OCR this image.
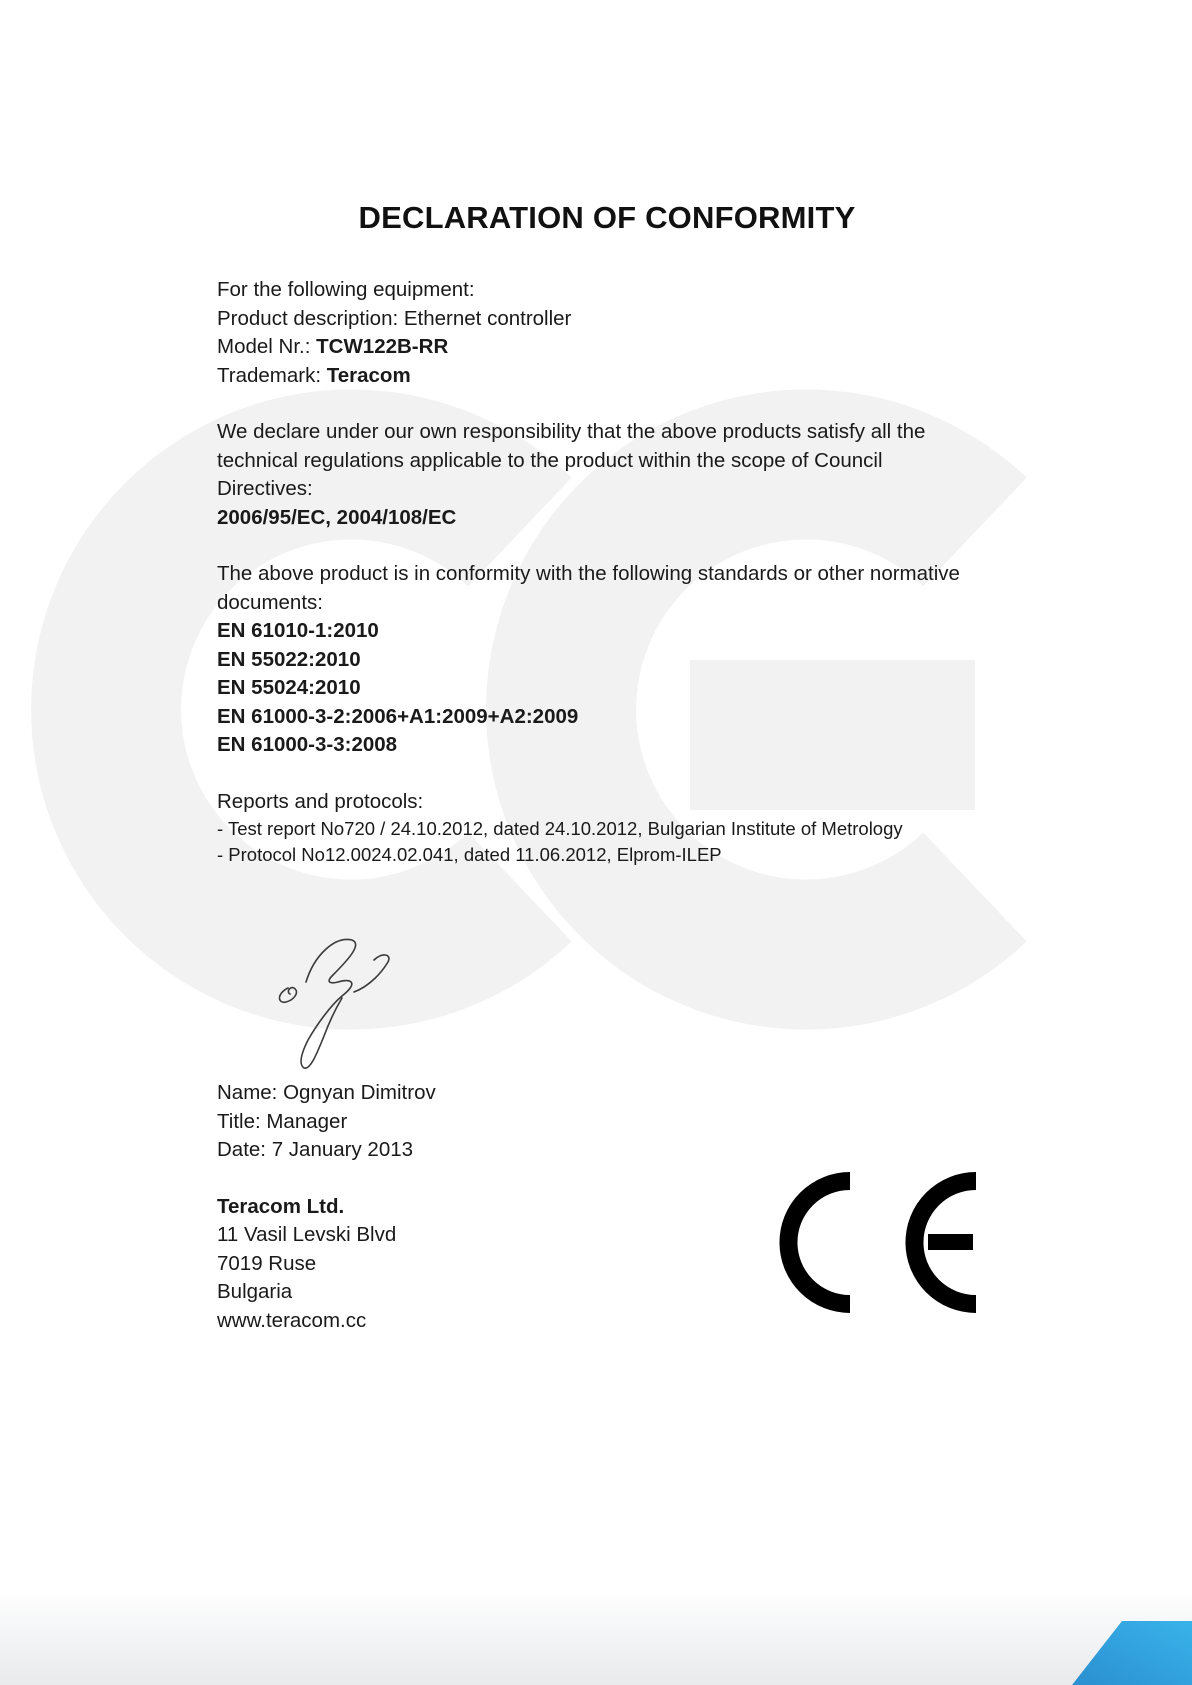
DECLARATION OF CONFORMITY
For the following equipment:
Product description: Ethernet controller
Model Nr.: TCW122B-RR
Trademark: Teracom
We declare under our own responsibility that the above products satisfy all the
technical regulations applicable to the product within the scope of Council
Directives:
2006/95/EC, 2004/108/EC
The above product is in conformity with the following standards or other normative
documents:
EN 61010-1:2010
EN 55022:2010
EN 55024:2010
EN 61000-3-2:2006+A1:2009+A2:2009
EN 61000-3-3:2008
Reports and protocols:
- Test report No720 / 24.10.2012, dated 24.10.2012, Bulgarian Institute of Metrology
- Protocol No12.0024.02.041, dated 11.06.2012, Elprom-ILEP
Name: Ognyan Dimitrov
Title: Manager
Date: 7 January 2013
Teracom Ltd.
11 Vasil Levski Blvd
7019 Ruse
Bulgaria
www.teracom.cc
